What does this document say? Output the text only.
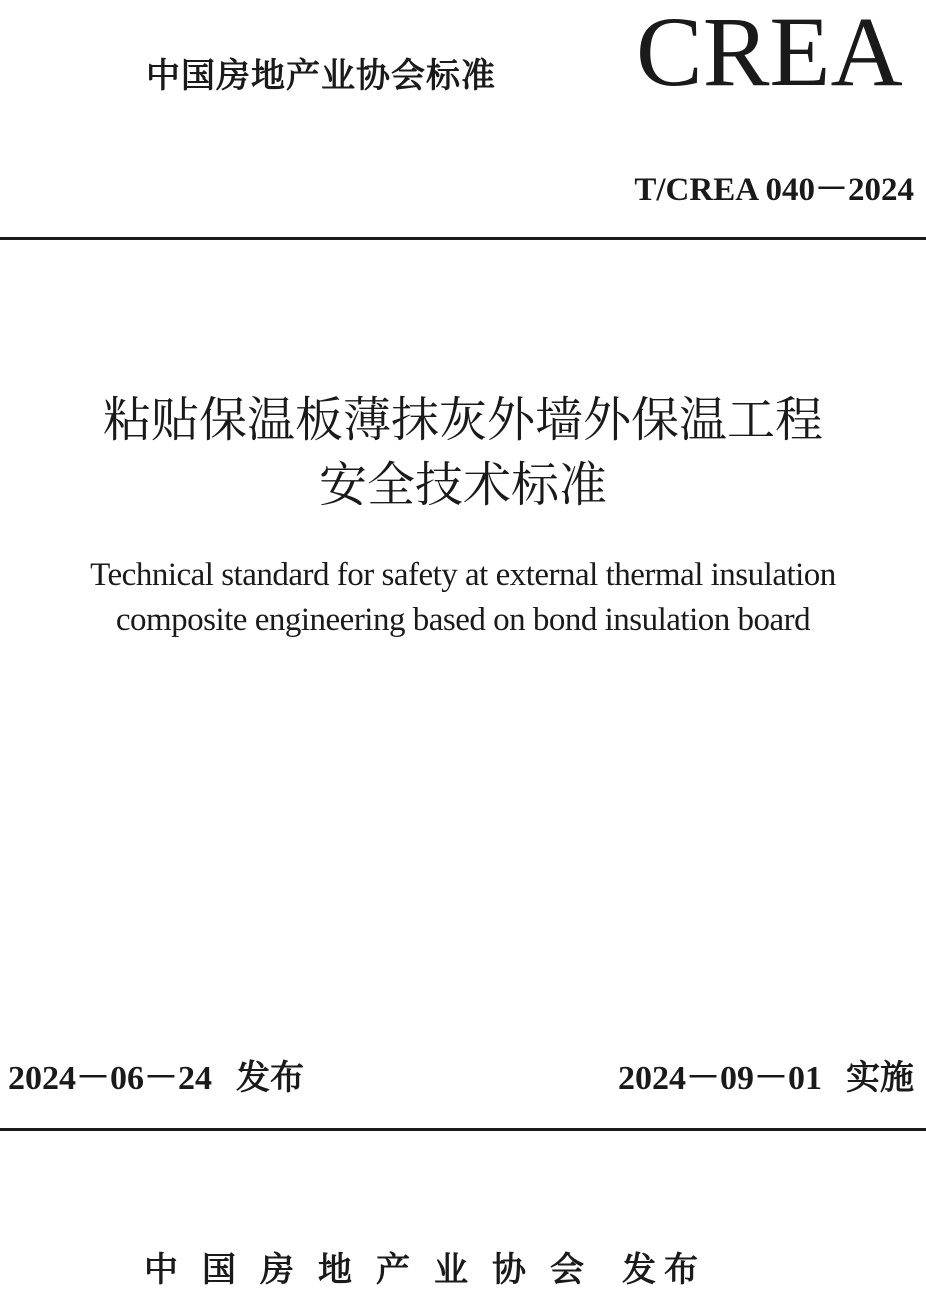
中国房地产业协会标准 CREA
T/CREA 040－2024
粘贴保温板薄抹灰外墙外保温工程
安全技术标准
Technical standard for safety at external thermal insulation
composite engineering based on bond insulation board
2024－06－24 发布	2024－09－01 实施
中国房地产业协会 发布
